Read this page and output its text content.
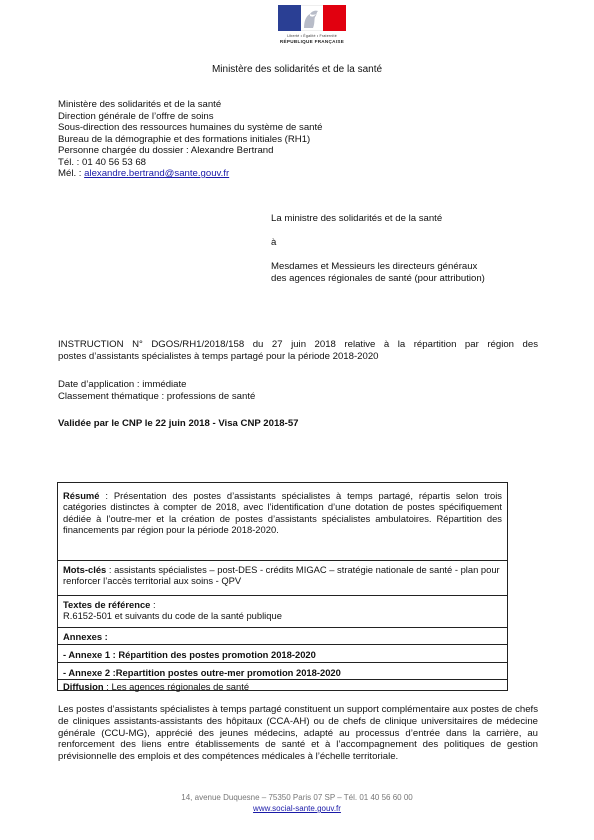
Liberté • Égalité • Fraternité
RÉPUBLIQUE FRANÇAISE
Ministère des solidarités et de la santé
Ministère des solidarités et de la santé
Direction générale de l’offre de soins
Sous-direction des ressources humaines du système de santé
Bureau de la démographie et des formations initiales (RH1)
Personne chargée du dossier : Alexandre Bertrand
Tél. : 01 40 56 53 68
Mél. : alexandre.bertrand@sante.gouv.fr
La ministre des solidarités et de la santé
à
Mesdames et Messieurs les directeurs généraux
des agences régionales de santé (pour attribution)
INSTRUCTION N° DGOS/RH1/2018/158 du 27 juin 2018 relative à la répartition par région des
postes d’assistants spécialistes à temps partagé pour la période 2018-2020
Date d’application : immédiate
Classement thématique : professions de santé
Validée par le CNP le 22 juin 2018 - Visa CNP 2018-57
Résumé : Présentation des postes d’assistants spécialistes à temps partagé, répartis selon trois catégories distinctes à compter de 2018, avec l’identification d’une dotation de postes spécifiquement dédiée à l’outre-mer et la création de postes d’assistants spécialistes ambulatoires. Répartition des financements par région pour la période 2018-2020.
Mots-clés : assistants spécialistes – post-DES - crédits MIGAC – stratégie nationale de santé - plan pour renforcer l’accès territorial aux soins - QPV
Textes de référence :
R.6152-501 et suivants du code de la santé publique
Annexes :
- Annexe 1 : Répartition des postes promotion 2018-2020
- Annexe 2 :Repartition postes outre-mer promotion 2018-2020
Diffusion : Les agences régionales de santé
Les postes d’assistants spécialistes à temps partagé constituent un support complémentaire aux postes de chefs de cliniques assistants-assistants des hôpitaux (CCA-AH) ou de chefs de clinique universitaires de médecine générale (CCU-MG), apprécié des jeunes médecins, adapté au processus d’entrée dans la carrière, au renforcement des liens entre établissements de santé et à l’accompagnement des politiques de gestion prévisionnelle des emplois et des compétences médicales à l’échelle territoriale.
14, avenue Duquesne – 75350 Paris 07 SP – Tél. 01 40 56 60 00
www.social-sante.gouv.fr
